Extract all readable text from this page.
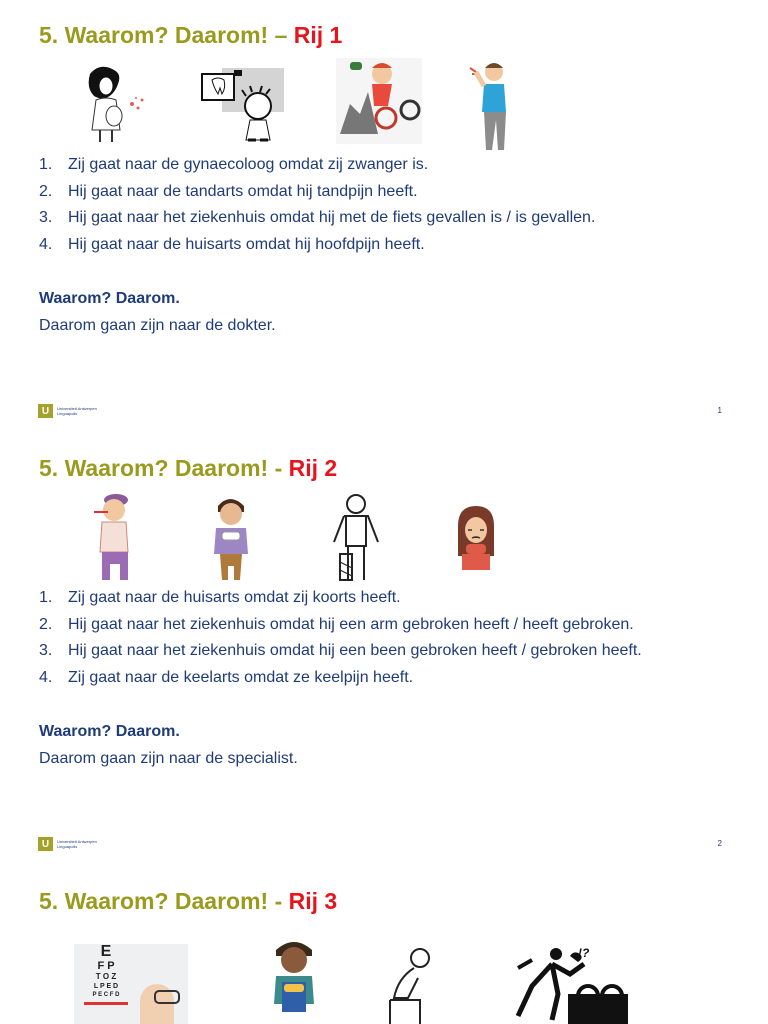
5. Waarom? Daarom! – Rij 1
1. Zij gaat naar de gynaecoloog omdat zij zwanger is.
2. Hij gaat naar de tandarts omdat hij tandpijn heeft.
3. Hij gaat naar het ziekenhuis omdat hij met de fiets gevallen is / is gevallen.
4. Hij gaat naar de huisarts omdat hij hoofdpijn heeft.
Waarom? Daarom.
Daarom gaan zijn naar de dokter.
U	Universiteit Antwerpen
Linguapolis	1
5. Waarom? Daarom! - Rij 2
1. Zij gaat naar de huisarts omdat zij koorts heeft.
2. Hij gaat naar het ziekenhuis omdat hij een arm gebroken heeft / heeft gebroken.
3. Hij gaat naar het ziekenhuis omdat hij een been gebroken heeft / gebroken heeft.
4. Zij gaat naar de keelarts omdat ze keelpijn heeft.
Waarom? Daarom.
Daarom gaan zijn naar de specialist.
U	Universiteit Antwerpen
Linguapolis	2
5. Waarom? Daarom! - Rij 3
E
F P
T O Z
L P E D
P E C F D
!?
